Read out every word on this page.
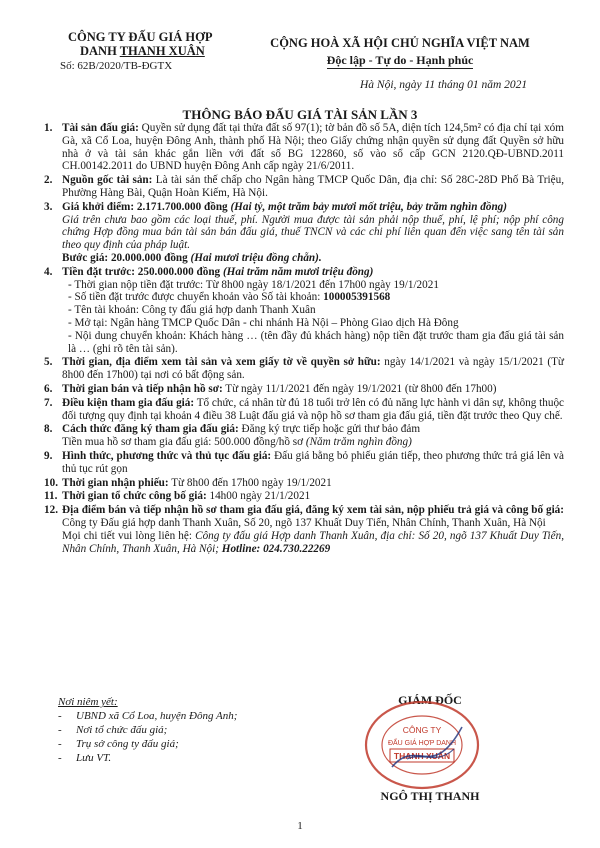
CÔNG TY ĐẤU GIÁ HỢP
DANH THANH XUÂN
Số: 62B/2020/TB-ĐGTX
CỘNG HOÀ XÃ HỘI CHỦ NGHĨA VIỆT NAM
Độc lập - Tự do - Hạnh phúc
Hà Nội, ngày 11 tháng 01 năm 2021
THÔNG BÁO ĐẤU GIÁ TÀI SẢN LẦN 3
1. Tài sản đấu giá: Quyền sử dụng đất tại thửa đất số 97(1); tờ bản đồ số 5A, diện tích 124,5m² có địa chỉ tại xóm Gà, xã Cổ Loa, huyện Đông Anh, thành phố Hà Nội; theo Giấy chứng nhận quyền sử dụng đất Quyền sở hữu nhà ở và tài sản khác gắn liền với đất số BG 122860, số vào sổ cấp GCN 2120.QĐ-UBND.2011 CH.00142.2011 do UBND huyện Đông Anh cấp ngày 21/6/2011.
2. Nguồn gốc tài sản: Là tài sản thế chấp cho Ngân hàng TMCP Quốc Dân, địa chỉ: Số 28C-28D Phố Bà Triệu, Phường Hàng Bài, Quận Hoàn Kiếm, Hà Nội.
3. Giá khởi điểm: 2.171.700.000 đồng (Hai tỷ, một trăm bảy mươi mốt triệu, bảy trăm nghìn đồng)
Giá trên chưa bao gồm các loại thuế, phí. Người mua được tài sản phải nộp thuế, phí, lệ phí; nộp phí công chứng Hợp đồng mua bán tài sản bán đấu giá, thuế TNCN và các chi phí liên quan đến việc sang tên tài sản theo quy định của pháp luật.
Bước giá: 20.000.000 đồng (Hai mươi triệu đồng chẵn).
4. Tiền đặt trước: 250.000.000 đồng (Hai trăm năm mươi triệu đồng)
- Thời gian nộp tiền đặt trước: Từ 8h00 ngày 18/1/2021 đến 17h00 ngày 19/1/2021
- Số tiền đặt trước được chuyển khoản vào Số tài khoản: 100005391568
- Tên tài khoản: Công ty đấu giá hợp danh Thanh Xuân
- Mở tại: Ngân hàng TMCP Quốc Dân - chi nhánh Hà Nội – Phòng Giao dịch Hà Đông
- Nội dung chuyển khoản: Khách hàng … (tên đầy đủ khách hàng) nộp tiền đặt trước tham gia đấu giá tài sản là … (ghi rõ tên tài sản).
5. Thời gian, địa điểm xem tài sản và xem giấy tờ về quyền sở hữu: ngày 14/1/2021 và ngày 15/1/2021 (Từ 8h00 đến 17h00) tại nơi có bất động sản.
6. Thời gian bán và tiếp nhận hồ sơ: Từ ngày 11/1/2021 đến ngày 19/1/2021 (từ 8h00 đến 17h00)
7. Điều kiện tham gia đấu giá: Tổ chức, cá nhân từ đủ 18 tuổi trở lên có đủ năng lực hành vi dân sự, không thuộc đối tượng quy định tại khoản 4 điều 38 Luật đấu giá và nộp hồ sơ tham gia đấu giá, tiền đặt trước theo Quy chế.
8. Cách thức đăng ký tham gia đấu giá: Đăng ký trực tiếp hoặc gửi thư bảo đảm
Tiền mua hồ sơ tham gia đấu giá: 500.000 đồng/hồ sơ (Năm trăm nghìn đồng)
9. Hình thức, phương thức và thủ tục đấu giá: Đấu giá bằng bỏ phiếu gián tiếp, theo phương thức trả giá lên và thủ tục rút gọn
10. Thời gian nhận phiếu: Từ 8h00 đến 17h00 ngày 19/1/2021
11. Thời gian tổ chức công bố giá: 14h00 ngày 21/1/2021
12. Địa điểm bán và tiếp nhận hồ sơ tham gia đấu giá, đăng ký xem tài sản, nộp phiếu trả giá và công bố giá: Công ty Đấu giá hợp danh Thanh Xuân, Số 20, ngõ 137 Khuất Duy Tiến, Nhân Chính, Thanh Xuân, Hà Nội
Mọi chi tiết vui lòng liên hệ: Công ty đấu giá Hợp danh Thanh Xuân, địa chỉ: Số 20, ngõ 137 Khuất Duy Tiến, Nhân Chính, Thanh Xuân, Hà Nội; Hotline: 024.730.22269
Nơi niêm yết:
- UBND xã Cổ Loa, huyện Đông Anh;
- Nơi tổ chức đấu giá;
- Trụ sở công ty đấu giá;
- Lưu VT.
GIÁM ĐỐC
CÔNG TY
ĐẤU GIÁ HỢP DANH
THANH XUÂN
NGÔ THỊ THANH
1
